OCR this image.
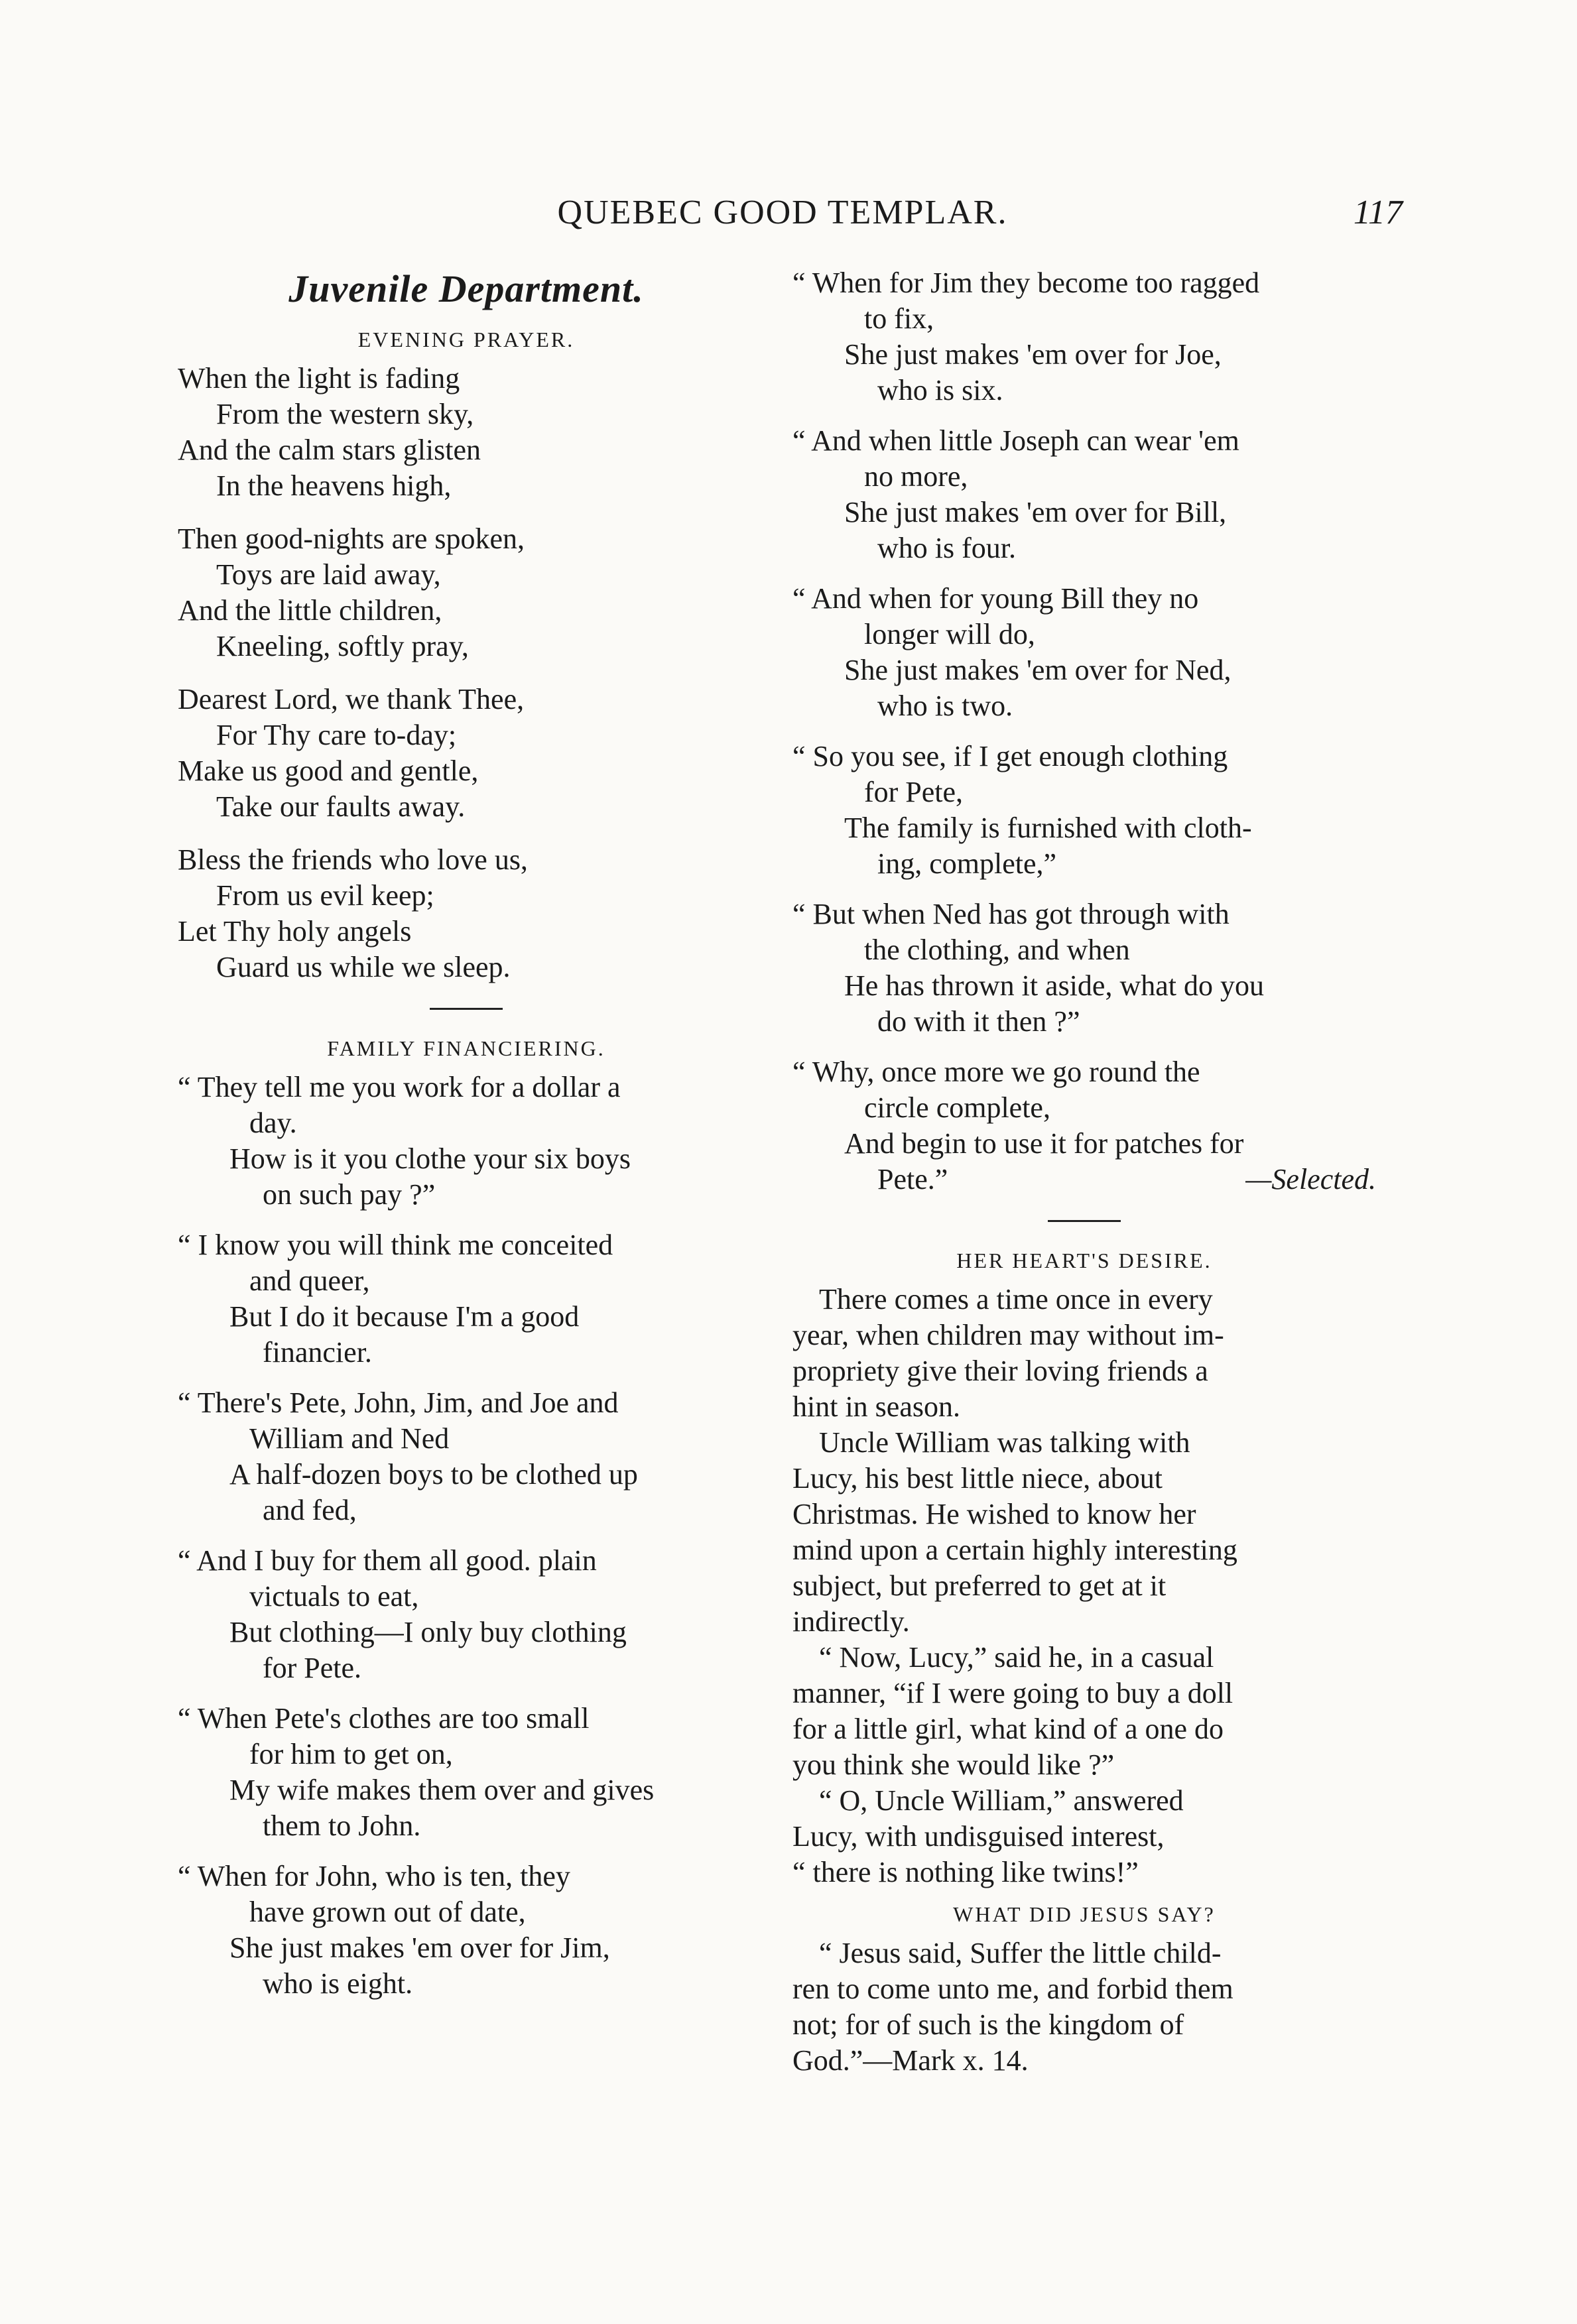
QUEBEC GOOD TEMPLAR.	117
Juvenile Department.
EVENING PRAYER.
When the light is fading
From the western sky,
And the calm stars glisten
In the heavens high,
Then good-nights are spoken,
Toys are laid away,
And the little children,
Kneeling, softly pray,
Dearest Lord, we thank Thee,
For Thy care to-day;
Make us good and gentle,
Take our faults away.
Bless the friends who love us,
From us evil keep;
Let Thy holy angels
Guard us while we sleep.
FAMILY FINANCIERING.
“ They tell me you work for a dollar a
day.
How is it you clothe your six boys
on such pay ?”
“ I know you will think me conceited
and queer,
But I do it because I'm a good
financier.
“ There's Pete, John, Jim, and Joe and
William and Ned
A half-dozen boys to be clothed up
and fed,
“ And I buy for them all good. plain
victuals to eat,
But clothing—I only buy clothing
for Pete.
“ When Pete's clothes are too small
for him to get on,
My wife makes them over and gives
them to John.
“ When for John, who is ten, they
have grown out of date,
She just makes 'em over for Jim,
who is eight.
“ When for Jim they become too ragged
to fix,
She just makes 'em over for Joe,
who is six.
“ And when little Joseph can wear 'em
no more,
She just makes 'em over for Bill,
who is four.
“ And when for young Bill they no
longer will do,
She just makes 'em over for Ned,
who is two.
“ So you see, if I get enough clothing
for Pete,
The family is furnished with cloth-
ing, complete,”
“ But when Ned has got through with
the clothing, and when
He has thrown it aside, what do you
do with it then ?”
“ Why, once more we go round the
circle complete,
And begin to use it for patches for
Pete.”	—Selected.
HER HEART'S DESIRE.

There comes a time once in every
year, when children may without im-
propriety give their loving friends a
hint in season.

Uncle William was talking with
Lucy, his best little niece, about
Christmas. He wished to know her
mind upon a certain highly interesting
subject, but preferred to get at it
indirectly.

“ Now, Lucy,” said he, in a casual
manner, “if I were going to buy a doll
for a little girl, what kind of a one do
you think she would like ?”

“ O, Uncle William,” answered
Lucy, with undisguised interest,
“ there is nothing like twins!”

WHAT DID JESUS SAY?

“ Jesus said, Suffer the little child-
ren to come unto me, and forbid them
not; for of such is the kingdom of
God.”—Mark x. 14.
